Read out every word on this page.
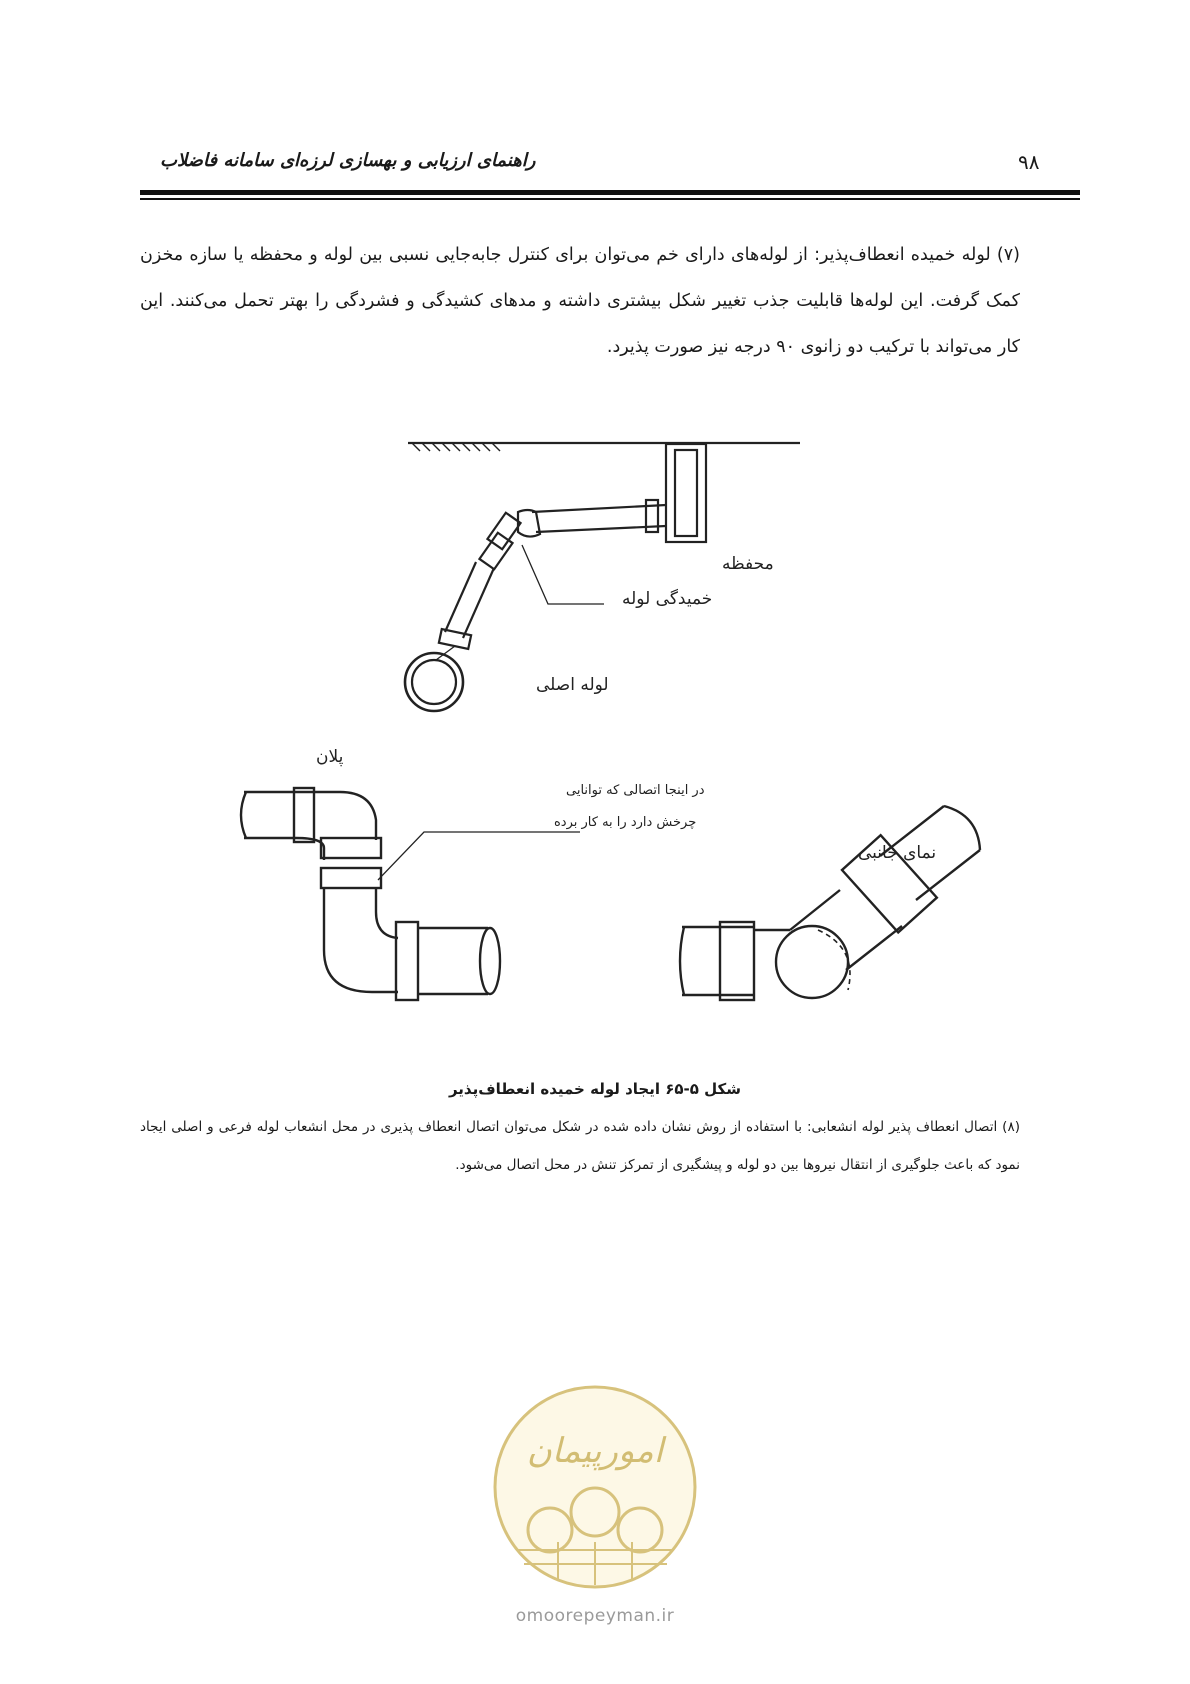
راهنمای ارزیابی و بهسازی لرزه‌ای سامانه فاضلاب	۹۸
(۷) لوله خمیده انعطاف‌پذیر: از لوله‌های دارای خم می‌توان برای کنترل جابه‌جایی نسبی بین لوله و محفظه یا سازه مخزن کمک گرفت. این لوله‌ها قابلیت جذب تغییر شکل بیشتری داشته و مدهای کشیدگی و فشردگی را بهتر تحمل می‌کنند. این کار می‌تواند با ترکیب دو زانوی ۹۰ درجه نیز صورت پذیرد.
محفظه
خمیدگی لوله
لوله اصلی
پلان
در اینجا اتصالی که توانایی
چرخش دارد را به کار برده
نمای جانبی
شکل ۵-۶۵ ایجاد لوله خمیده انعطاف‌پذیر
(۸) اتصال انعطاف پذیر لوله انشعابی: با استفاده از روش نشان داده شده در شکل می‌توان اتصال انعطاف پذیری در محل انشعاب لوله فرعی و اصلی ایجاد نمود که باعث جلوگیری از انتقال نیروها بین دو لوله و پیشگیری از تمرکز تنش در محل اتصال می‌شود.
امورپیمان
omoorepeyman.ir
